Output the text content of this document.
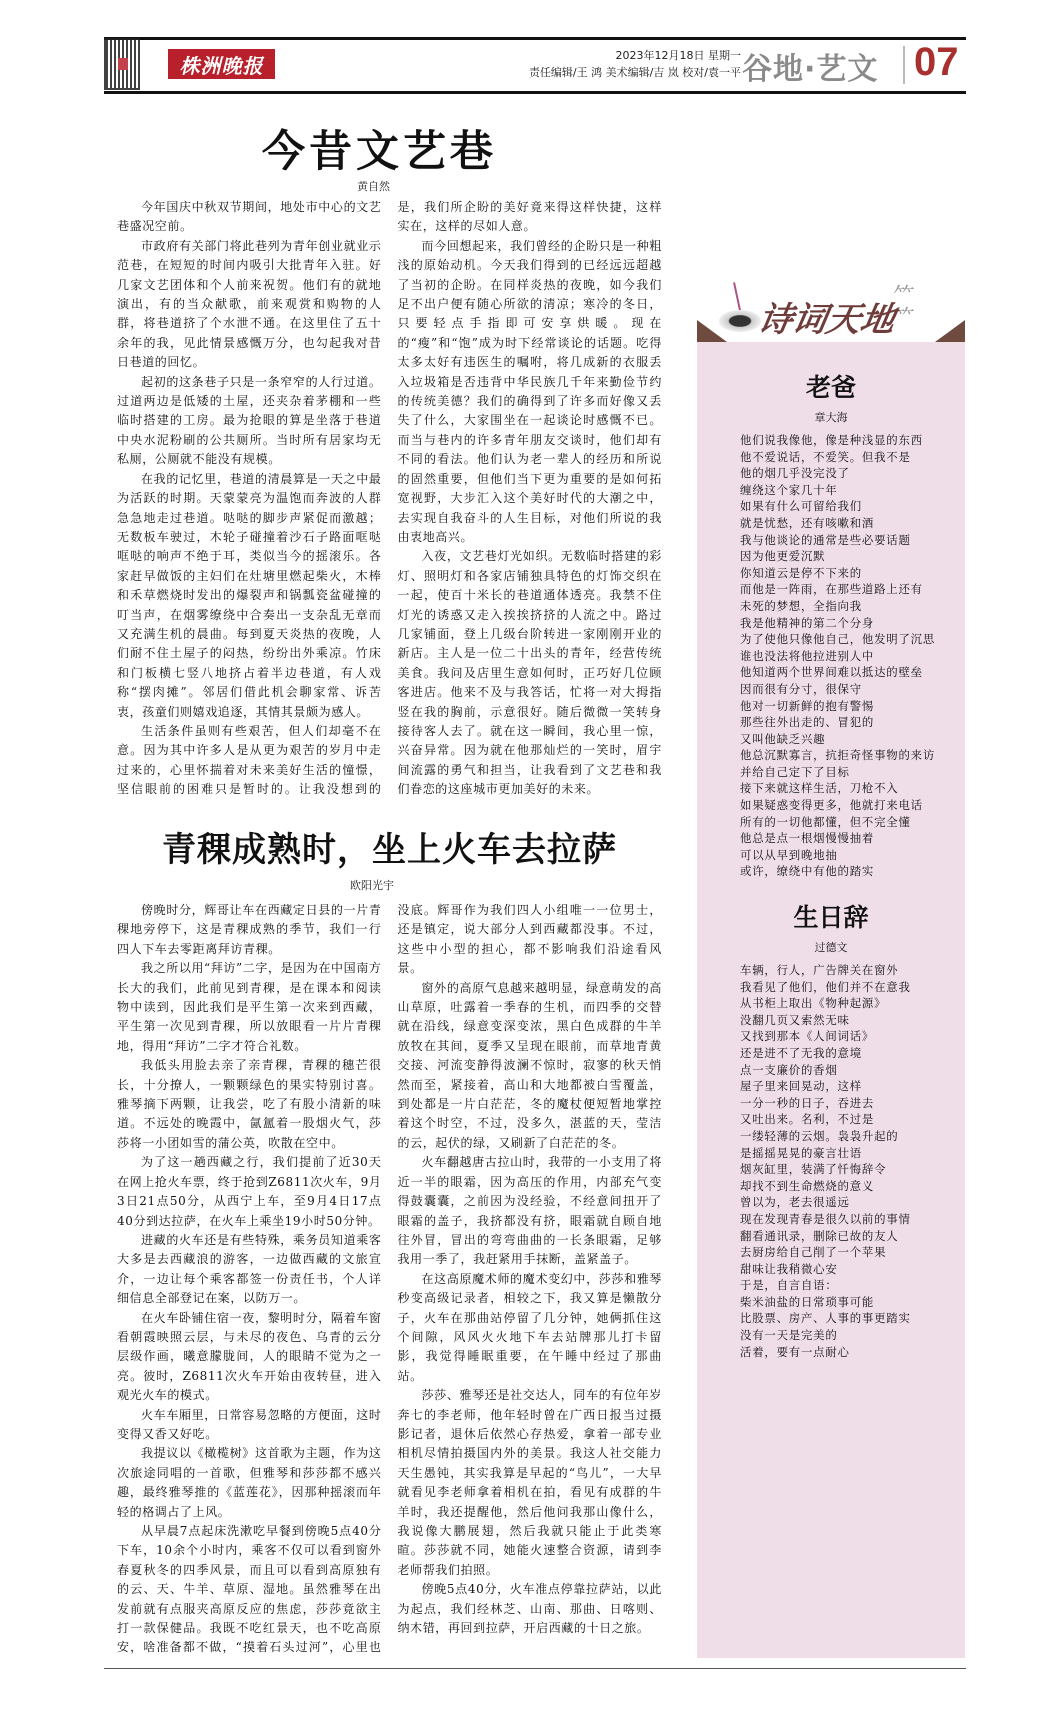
株洲晚报	2023年12月18日 星期一
责任编辑/王 鸿 美术编辑/吉 岚 校对/袁一平 谷地·艺文 07
今昔文艺巷
黄自然

今年国庆中秋双节期间，地处市中心的文艺巷盛况空前。

市政府有关部门将此巷列为青年创业就业示范巷，在短短的时间内吸引大批青年入驻。好几家文艺团体和个人前来祝贺。他们有的就地演出，有的当众献歌，前来观赏和购物的人群，将巷道挤了个水泄不通。在这里住了五十余年的我，见此情景感慨万分，也勾起我对昔日巷道的回忆。

起初的这条巷子只是一条窄窄的人行过道。过道两边是低矮的土屋，还夹杂着茅棚和一些临时搭建的工房。最为抢眼的算是坐落于巷道中央水泥粉刷的公共厕所。当时所有居家均无私厕，公厕就不能没有规模。

在我的记忆里，巷道的清晨算是一天之中最为活跃的时期。天蒙蒙亮为温饱而奔波的人群急急地走过巷道。哒哒的脚步声紧促而激越；无数板车驶过，木轮子碰撞着沙石子路面哐哒哐哒的响声不绝于耳，类似当今的摇滚乐。各家赶早做饭的主妇们在灶塘里燃起柴火，木棒和禾草燃烧时发出的爆裂声和锅瓢瓷盆碰撞的叮当声，在烟雾缭绕中合奏出一支杂乱无章而又充满生机的晨曲。每到夏天炎热的夜晚，人们耐不住土屋子的闷热，纷纷出外乘凉。竹床和门板横七竖八地挤占着半边巷道，有人戏称“摆肉摊”。邻居们借此机会聊家常、诉苦衷，孩童们则嬉戏追逐，其情其景颇为感人。

生活条件虽则有些艰苦，但人们却毫不在意。因为其中许多人是从更为艰苦的岁月中走过来的，心里怀揣着对未来美好生活的憧憬，坚信眼前的困难只是暂时的。让我没想到的是，我们所企盼的美好竟来得这样快捷，这样实在，这样的尽如人意。

而今回想起来，我们曾经的企盼只是一种粗浅的原始动机。今天我们得到的已经远远超越了当初的企盼。在同样炎热的夜晚，如今我们足不出户便有随心所欲的清凉；寒冷的冬日，只要轻点手指即可安享烘暖。现在的“瘦”和“饱”成为时下经常谈论的话题。吃得太多太好有违医生的嘱咐，将几成新的衣服丢入垃圾箱是否违背中华民族几千年来勤俭节约的传统美德？我们的确得到了许多而好像又丢失了什么，大家围坐在一起谈论时感慨不已。而当与巷内的许多青年朋友交谈时，他们却有不同的看法。他们认为老一辈人的经历和所说的固然重要，但他们当下更为重要的是如何拓宽视野，大步汇入这个美好时代的大潮之中，去实现自我奋斗的人生目标，对他们所说的我由衷地高兴。

入夜，文艺巷灯光如织。无数临时搭建的彩灯、照明灯和各家店铺独具特色的灯饰交织在一起，使百十米长的巷道通体透亮。我禁不住灯光的诱惑又走入挨挨挤挤的人流之中。路过几家铺面，登上几级台阶转进一家刚刚开业的新店。主人是一位二十出头的青年，经营传统美食。我问及店里生意如何时，正巧好几位顾客进店。他来不及与我答话，忙将一对大拇指竖在我的胸前，示意很好。随后微微一笑转身接待客人去了。就在这一瞬间，我心里一惊，兴奋异常。因为就在他那灿烂的一笑时，眉宇间流露的勇气和担当，让我看到了文艺巷和我们眷恋的这座城市更加美好的未来。

青稞成熟时，坐上火车去拉萨
欧阳光宇

傍晚时分，辉哥让车在西藏定日县的一片青稞地旁停下，这是青稞成熟的季节，我们一行四人下车去零距离拜访青稞。

我之所以用“拜访”二字，是因为在中国南方长大的我们，此前见到青稞，是在课本和阅读物中读到，因此我们是平生第一次来到西藏，平生第一次见到青稞，所以放眼看一片片青稞地，得用“拜访”二字才符合礼数。

我低头用脸去亲了亲青稞，青稞的穗芒很长，十分撩人，一颗颗绿色的果实特别讨喜。雅琴摘下两颗，让我尝，吃了有股小清新的味道。不远处的晚霞中，氤氲着一股烟火气，莎莎将一小团如雪的蒲公英，吹散在空中。

为了这一趟西藏之行，我们提前了近30天在网上抢火车票，终于抢到Z6811次火车，9月3日21点50分，从西宁上车，至9月4日17点40分到达拉萨，在火车上乘坐19小时50分钟。

进藏的火车还是有些特殊，乘务员知道乘客大多是去西藏浪的游客，一边做西藏的文旅宣介，一边让每个乘客都签一份责任书，个人详细信息全部登记在案，以防万一。

在火车卧铺住宿一夜，黎明时分，隔着车窗看朝霞映照云层，与未尽的夜色、乌青的云分层级作画，曦意朦胧间，人的眼睛不觉为之一亮。彼时，Z6811次火车开始由夜转昼，进入观光火车的模式。

火车车厢里，日常容易忽略的方便面，这时变得又香又好吃。

我提议以《橄榄树》这首歌为主题，作为这次旅途同唱的一首歌，但雅琴和莎莎都不感兴趣，最终雅琴推的《蓝莲花》，因那种摇滚而年轻的格调占了上风。

从早晨7点起床洗漱吃早餐到傍晚5点40分下车，10余个小时内，乘客不仅可以看到窗外春夏秋冬的四季风景，而且可以看到高原独有的云、天、牛羊、草原、湿地。虽然雅琴在出发前就有点服夹高原反应的焦虑，莎莎竟欲主打一款保健品。我既不吃红景天，也不吃高原安，啥准备都不做，“摸着石头过河”，心里也没底。辉哥作为我们四人小组唯一一位男士，还是镇定，说大部分人到西藏都没事。不过，这些中小型的担心，都不影响我们沿途看风景。

窗外的高原气息越来越明显，绿意萌发的高山草原，吐露着一季春的生机，而四季的交替就在沿线，绿意变深变浓，黑白色成群的牛羊放牧在其间，夏季又呈现在眼前，而草地青黄交接、河流变静得波澜不惊时，寂寥的秋天悄然而至，紧接着，高山和大地都被白雪覆盖，到处都是一片白茫茫，冬的魔杖便短暂地掌控着这个时空，不过，没多久，湛蓝的天，莹洁的云，起伏的绿，又刷新了白茫茫的冬。

火车翻越唐古拉山时，我带的一小支用了将近一半的眼霜，因为高压的作用，内部充气变得鼓囊囊，之前因为没经验，不经意间扭开了眼霜的盖子，我挤都没有挤，眼霜就自顾自地往外冒，冒出的弯弯曲曲的一长条眼霜，足够我用一季了，我赶紧用手抹断，盖紧盖子。

在这高原魔术师的魔术变幻中，莎莎和雅琴秒变高级记录者，相较之下，我又算是懒散分子，火车在那曲站停留了几分钟，她俩抓住这个间隙，风风火火地下车去站牌那儿打卡留影，我觉得睡眠重要，在午睡中经过了那曲站。

莎莎、雅琴还是社交达人，同车的有位年岁奔七的李老师，他年轻时曾在广西日报当过摄影记者，退休后依然心存热爱，拿着一部专业相机尽情拍摄国内外的美景。我这人社交能力天生愚钝，其实我算是早起的“鸟儿”，一大早就看见李老师拿着相机在拍，看见有成群的牛羊时，我还提醒他，然后他问我那山像什么，我说像大鹏展翅，然后我就只能止于此类寒暄。莎莎就不同，她能火速整合资源，请到李老师帮我们拍照。

傍晚5点40分，火车准点停靠拉萨站，以此为起点，我们经林芝、山南、那曲、日喀则、纳木错，再回到拉萨，开启西藏的十日之旅。

⺮
⺮
诗词天地
老爸
章大海
他们说我像他，像是种浅显的东西
他不爱说话，不爱笑。但我不是
他的烟几乎没完没了
缠绕这个家几十年
如果有什么可留给我们
就是忧愁，还有咳嗽和酒
我与他谈论的通常是些必要话题
因为他更爱沉默
你知道云是停不下来的
而他是一阵雨，在那些道路上还有
未死的梦想，全指向我
我是他精神的第二个分身
为了使他只像他自己，他发明了沉思
谁也没法将他拉进别人中
他知道两个世界间难以抵达的壁垒
因而很有分寸，很保守
他对一切新鲜的抱有警惕
那些往外出走的、冒犯的
又叫他缺乏兴趣
他总沉默寡言，抗拒奇怪事物的来访
并给自己定下了目标
接下来就这样生活，刀枪不入
如果疑惑变得更多，他就打来电话
所有的一切他都懂，但不完全懂
他总是点一根烟慢慢抽着
可以从早到晚地抽
或许，缭绕中有他的踏实
生日辞
过德文
车辆，行人，广告牌关在窗外
我看见了他们，他们并不在意我
从书柜上取出《物种起源》
没翻几页又索然无味
又找到那本《人间词话》
还是进不了无我的意境
点一支廉价的香烟
屋子里来回晃动，这样
一分一秒的日子，吞进去
又吐出来。名利，不过是
一缕轻薄的云烟。袅袅升起的
是摇摇晃晃的豪言壮语
烟灰缸里，装满了忏悔辞令
却找不到生命燃烧的意义
曾以为，老去很遥远
现在发现青春是很久以前的事情
翻看通讯录，删除已故的友人
去厨房给自己削了一个苹果
甜味让我稍微心安
于是，自言自语：
柴米油盐的日常琐事可能
比股票、房产、人事的事更踏实
没有一天是完美的
活着，要有一点耐心
